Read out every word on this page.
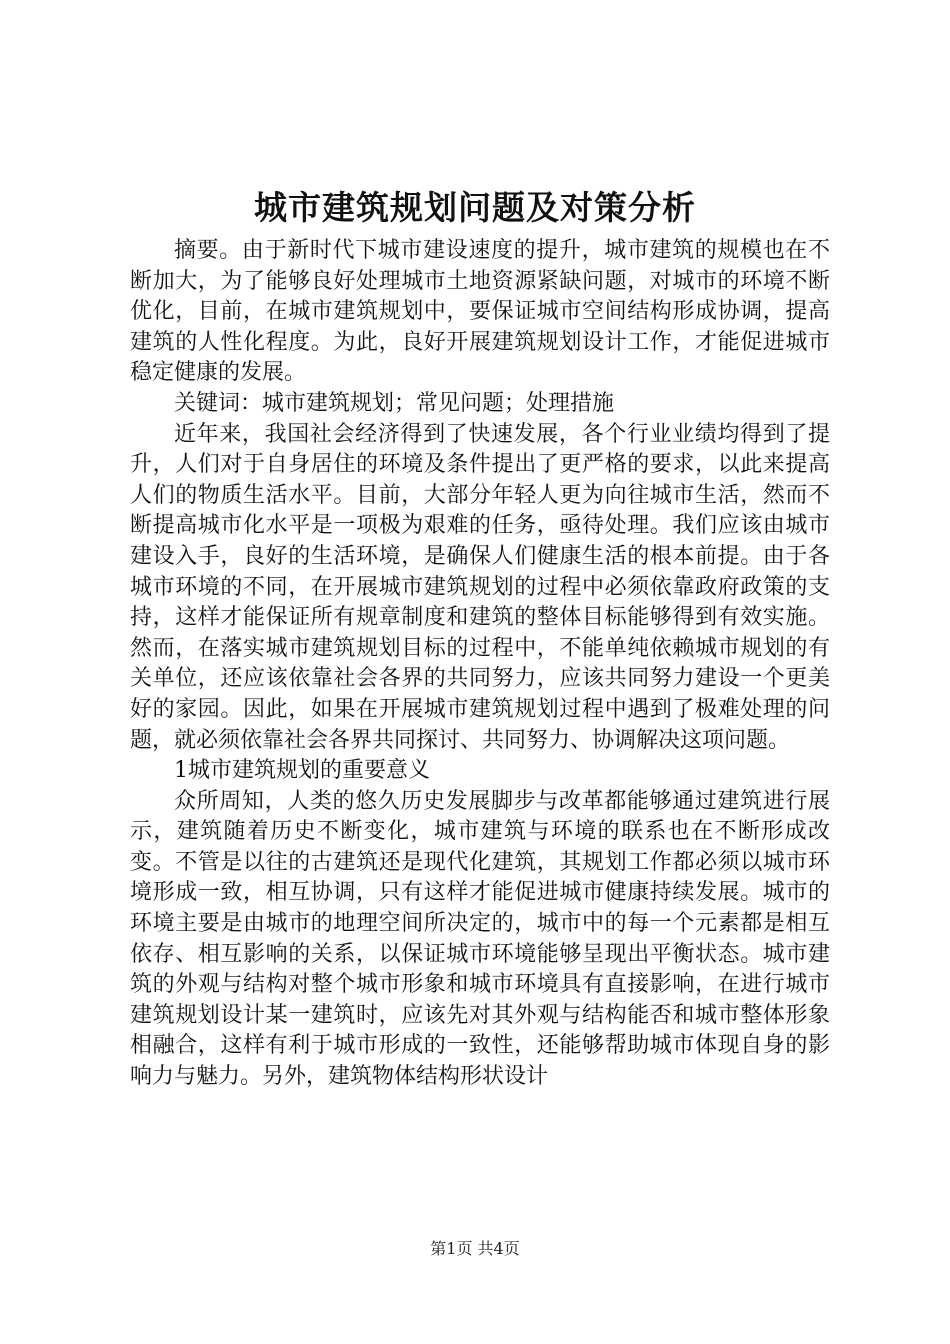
城市建筑规划问题及对策分析

摘要。由于新时代下城市建设速度的提升，城市建筑的规模也在不断加大，为了能够良好处理城市土地资源紧缺问题，对城市的环境不断优化，目前，在城市建筑规划中，要保证城市空间结构形成协调，提高建筑的人性化程度。为此，良好开展建筑规划设计工作，才能促进城市稳定健康的发展。

关键词：城市建筑规划；常见问题；处理措施

近年来，我国社会经济得到了快速发展，各个行业业绩均得到了提升，人们对于自身居住的环境及条件提出了更严格的要求，以此来提高人们的物质生活水平。目前，大部分年轻人更为向往城市生活，然而不断提高城市化水平是一项极为艰难的任务，亟待处理。我们应该由城市建设入手，良好的生活环境，是确保人们健康生活的根本前提。由于各城市环境的不同，在开展城市建筑规划的过程中必须依靠政府政策的支持，这样才能保证所有规章制度和建筑的整体目标能够得到有效实施。然而，在落实城市建筑规划目标的过程中，不能单纯依赖城市规划的有关单位，还应该依靠社会各界的共同努力，应该共同努力建设一个更美好的家园。因此，如果在开展城市建筑规划过程中遇到了极难处理的问题，就必须依靠社会各界共同探讨、共同努力、协调解决这项问题。

1城市建筑规划的重要意义

众所周知，人类的悠久历史发展脚步与改革都能够通过建筑进行展示，建筑随着历史不断变化，城市建筑与环境的联系也在不断形成改变。不管是以往的古建筑还是现代化建筑，其规划工作都必须以城市环境形成一致，相互协调，只有这样才能促进城市健康持续发展。城市的环境主要是由城市的地理空间所决定的，城市中的每一个元素都是相互依存、相互影响的关系，以保证城市环境能够呈现出平衡状态。城市建筑的外观与结构对整个城市形象和城市环境具有直接影响，在进行城市建筑规划设计某一建筑时，应该先对其外观与结构能否和城市整体形象相融合，这样有利于城市形成的一致性，还能够帮助城市体现自身的影响力与魅力。另外，建筑物体结构形状设计

第1页 共4页
